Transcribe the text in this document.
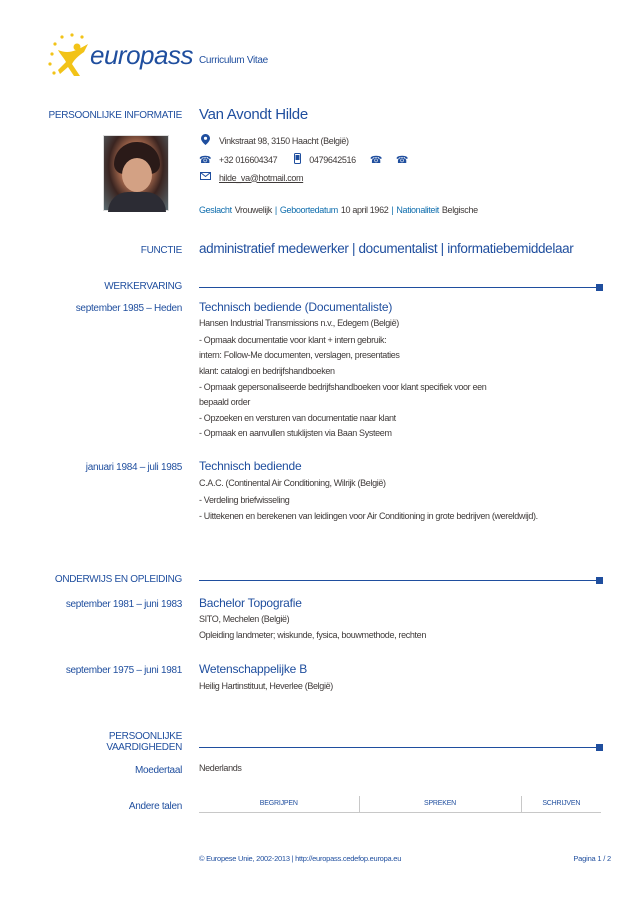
europass Curriculum Vitae
PERSOONLIJKE INFORMATIE Van Avondt Hilde
Vinkstraat 98, 3150 Haacht (België)
☎ +32 016604347	0479642516 ☎ ☎
hilde_va@hotmail.com
Geslacht Vrouwelijk | Geboortedatum 10 april 1962 | Nationaliteit Belgische
FUNCTIE administratief medewerker | documentalist | informatiebemiddelaar
WERKERVARING
september 1985 – Heden Technisch bediende (Documentaliste)
Hansen Industrial Transmissions n.v., Edegem (België)
- Opmaak documentatie voor klant + intern gebruik:
intern: Follow-Me documenten, verslagen, presentaties
klant: catalogi en bedrijfshandboeken
- Opmaak gepersonaliseerde bedrijfshandboeken voor klant specifiek voor een
bepaald order
- Opzoeken en versturen van documentatie naar klant
- Opmaak en aanvullen stuklijsten via Baan Systeem
januari 1984 – juli 1985 Technisch bediende
C.A.C. (Continental Air Conditioning, Wilrijk (België)
- Verdeling briefwisseling
- Uittekenen en berekenen van leidingen voor Air Conditioning in grote bedrijven (wereldwijd).
ONDERWIJS EN OPLEIDING
september 1981 – juni 1983 Bachelor Topografie
SITO, Mechelen (België)
Opleiding landmeter; wiskunde, fysica, bouwmethode, rechten
september 1975 – juni 1981 Wetenschappelijke B
Heilig Hartinstituut, Heverlee (België)
PERSOONLIJKE
VAARDIGHEDEN
Moedertaal Nederlands
Andere talen	BEGRIJPEN	SPREKEN	SCHRIJVEN
© Europese Unie, 2002-2013 | http://europass.cedefop.europa.eu	Pagina 1 / 2
